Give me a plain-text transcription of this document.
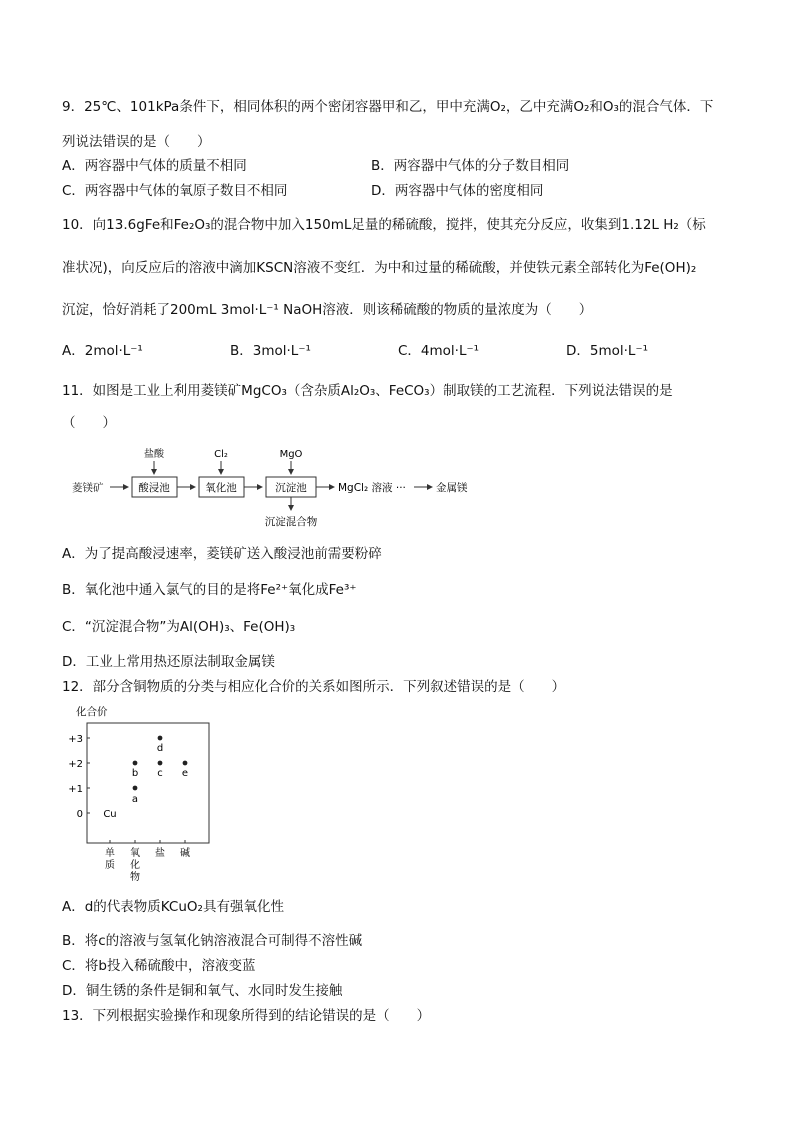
9．25℃、101kPa条件下，相同体积的两个密闭容器甲和乙，甲中充满O₂，乙中充满O₂和O₃的混合气体．下
列说法错误的是（　　）
A．两容器中气体的质量不相同	B．两容器中气体的分子数目相同
C．两容器中气体的氧原子数目不相同	D．两容器中气体的密度相同
10．向13.6gFe和Fe₂O₃的混合物中加入150mL足量的稀硫酸，搅拌，使其充分反应，收集到1.12L H₂（标
准状况)，向反应后的溶液中滴加KSCN溶液不变红．为中和过量的稀硫酸，并使铁元素全部转化为Fe(OH)₂
沉淀，恰好消耗了200mL 3mol·L⁻¹ NaOH溶液．则该稀硫酸的物质的量浓度为（　　）
A．2mol·L⁻¹	B．3mol·L⁻¹	C．4mol·L⁻¹	D．5mol·L⁻¹
11．如图是工业上利用菱镁矿MgCO₃（含杂质Al₂O₃、FeCO₃）制取镁的工艺流程．下列说法错误的是
（　　）
菱镁矿	酸浸池
盐酸
氧化池
Cl₂
沉淀池
MgO
MgCl₂ 溶液 ···	金属镁
沉淀混合物
A．为了提高酸浸速率，菱镁矿送入酸浸池前需要粉碎
B．氧化池中通入氯气的目的是将Fe²⁺氧化成Fe³⁺
C．“沉淀混合物”为Al(OH)₃、Fe(OH)₃
D．工业上常用热还原法制取金属镁
12．部分含铜物质的分类与相应化合价的关系如图所示．下列叙述错误的是（　　）
化合价
+3
+2
+1
0
单质
氧化物
盐 碱
Cu
a
b c
d
e
A．d的代表物质KCuO₂具有强氧化性
B．将c的溶液与氢氧化钠溶液混合可制得不溶性碱
C．将b投入稀硫酸中，溶液变蓝
D．铜生锈的条件是铜和氧气、水同时发生接触
13．下列根据实验操作和现象所得到的结论错误的是（　　）
